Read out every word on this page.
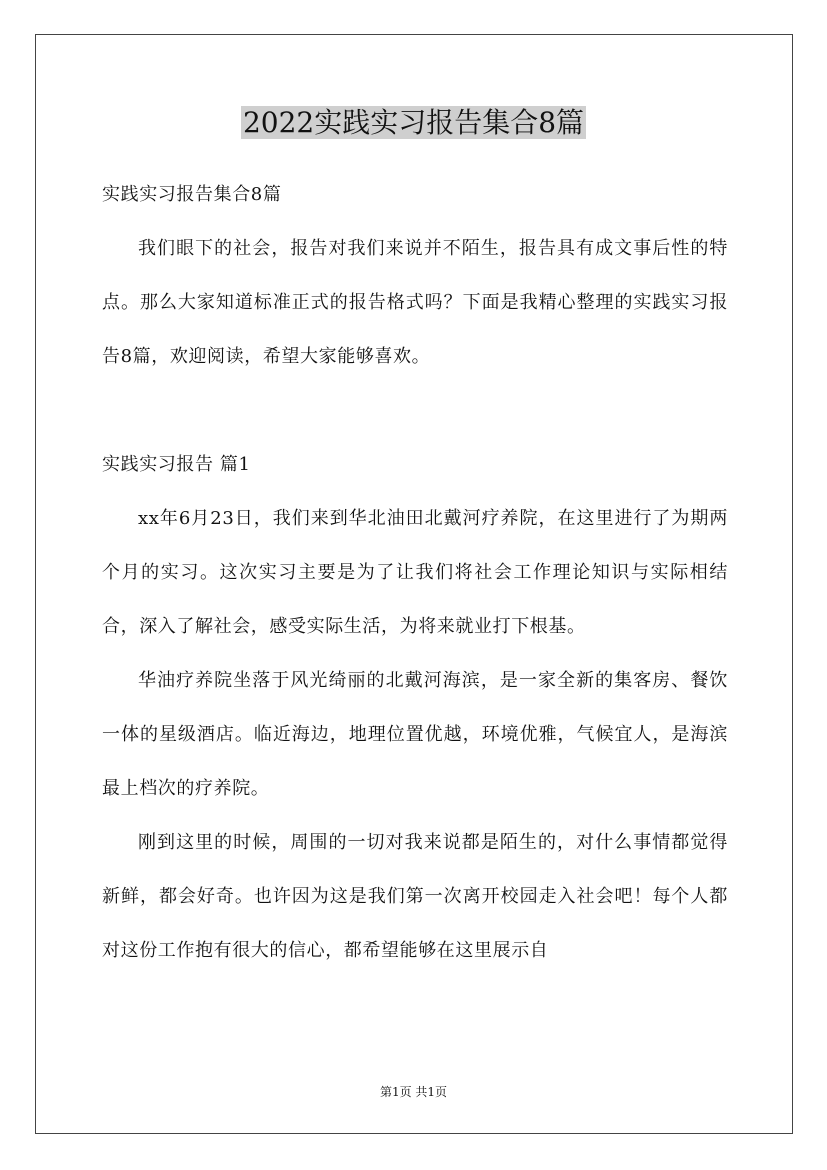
2022实践实习报告集合8篇

实践实习报告集合8篇

我们眼下的社会，报告对我们来说并不陌生，报告具有成文事后性的特点。那么大家知道标准正式的报告格式吗？下面是我精心整理的实践实习报告8篇，欢迎阅读，希望大家能够喜欢。

实践实习报告 篇1

xx年6月23日，我们来到华北油田北戴河疗养院，在这里进行了为期两个月的实习。这次实习主要是为了让我们将社会工作理论知识与实际相结合，深入了解社会，感受实际生活，为将来就业打下根基。

华油疗养院坐落于风光绮丽的北戴河海滨，是一家全新的集客房、餐饮一体的星级酒店。临近海边，地理位置优越，环境优雅，气候宜人，是海滨最上档次的疗养院。

刚到这里的时候，周围的一切对我来说都是陌生的，对什么事情都觉得新鲜，都会好奇。也许因为这是我们第一次离开校园走入社会吧！每个人都对这份工作抱有很大的信心，都希望能够在这里展示自

第1页 共1页
